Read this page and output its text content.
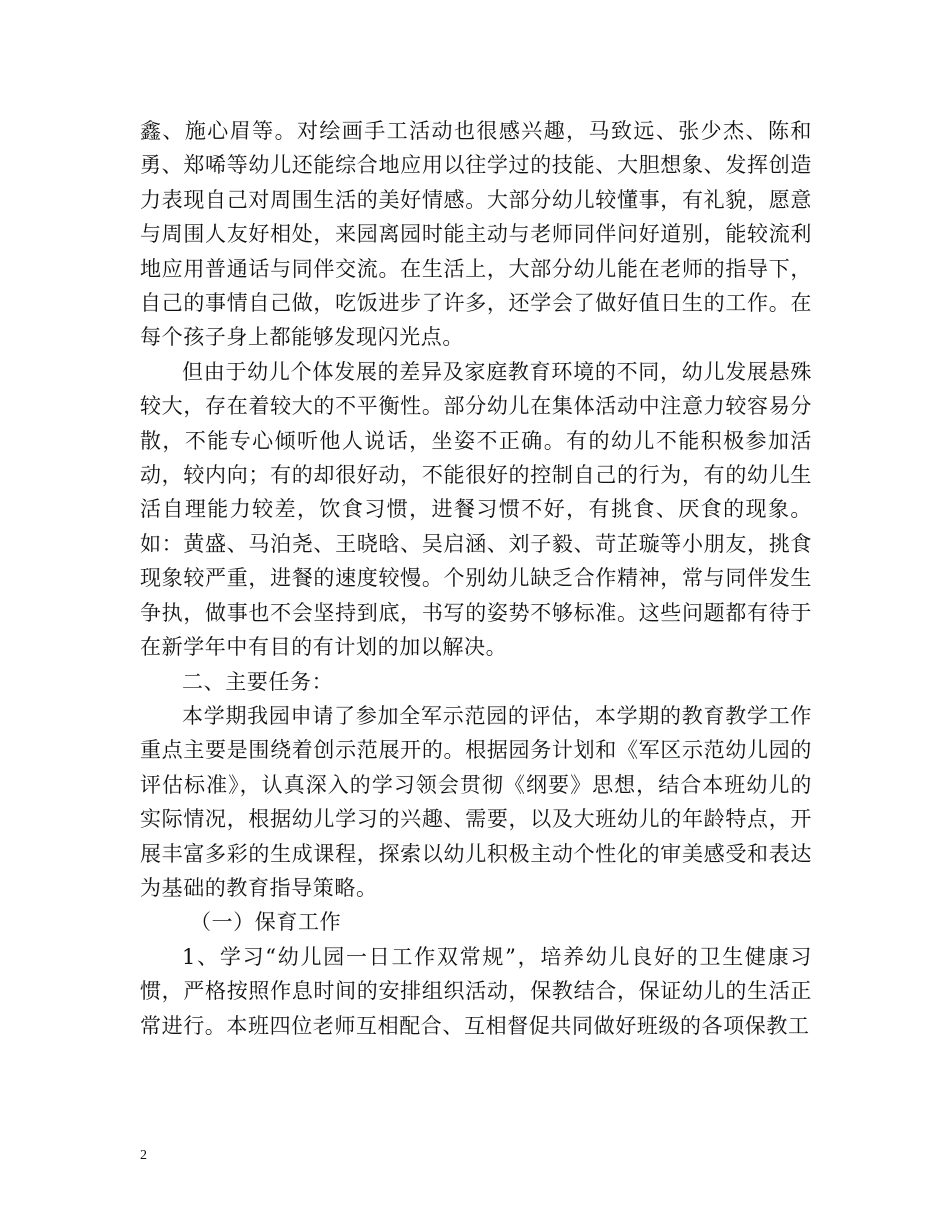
鑫、施心眉等。对绘画手工活动也很感兴趣，马致远、张少杰、陈和勇、郑唏等幼儿还能综合地应用以往学过的技能、大胆想象、发挥创造力表现自己对周围生活的美好情感。大部分幼儿较懂事，有礼貌，愿意与周围人友好相处，来园离园时能主动与老师同伴问好道别，能较流利地应用普通话与同伴交流。在生活上，大部分幼儿能在老师的指导下，自己的事情自己做，吃饭进步了许多，还学会了做好值日生的工作。在每个孩子身上都能够发现闪光点。

但由于幼儿个体发展的差异及家庭教育环境的不同，幼儿发展悬殊较大，存在着较大的不平衡性。部分幼儿在集体活动中注意力较容易分散，不能专心倾听他人说话，坐姿不正确。有的幼儿不能积极参加活动，较内向；有的却很好动，不能很好的控制自己的行为，有的幼儿生活自理能力较差，饮食习惯，进餐习惯不好，有挑食、厌食的现象。如：黄盛、马泊尧、王晓晗、吴启涵、刘子毅、苛芷璇等小朋友，挑食现象较严重，进餐的速度较慢。个别幼儿缺乏合作精神，常与同伴发生争执，做事也不会坚持到底，书写的姿势不够标准。这些问题都有待于在新学年中有目的有计划的加以解决。

二、主要任务：

本学期我园申请了参加全军示范园的评估，本学期的教育教学工作重点主要是围绕着创示范展开的。根据园务计划和《军区示范幼儿园的评估标准》，认真深入的学习领会贯彻《纲要》思想，结合本班幼儿的实际情况，根据幼儿学习的兴趣、需要，以及大班幼儿的年龄特点，开展丰富多彩的生成课程，探索以幼儿积极主动个性化的审美感受和表达为基础的教育指导策略。

（一）保育工作

1、学习“幼儿园一日工作双常规”，培养幼儿良好的卫生健康习惯，严格按照作息时间的安排组织活动，保教结合，保证幼儿的生活正常进行。本班四位老师互相配合、互相督促共同做好班级的各项保教工

2
